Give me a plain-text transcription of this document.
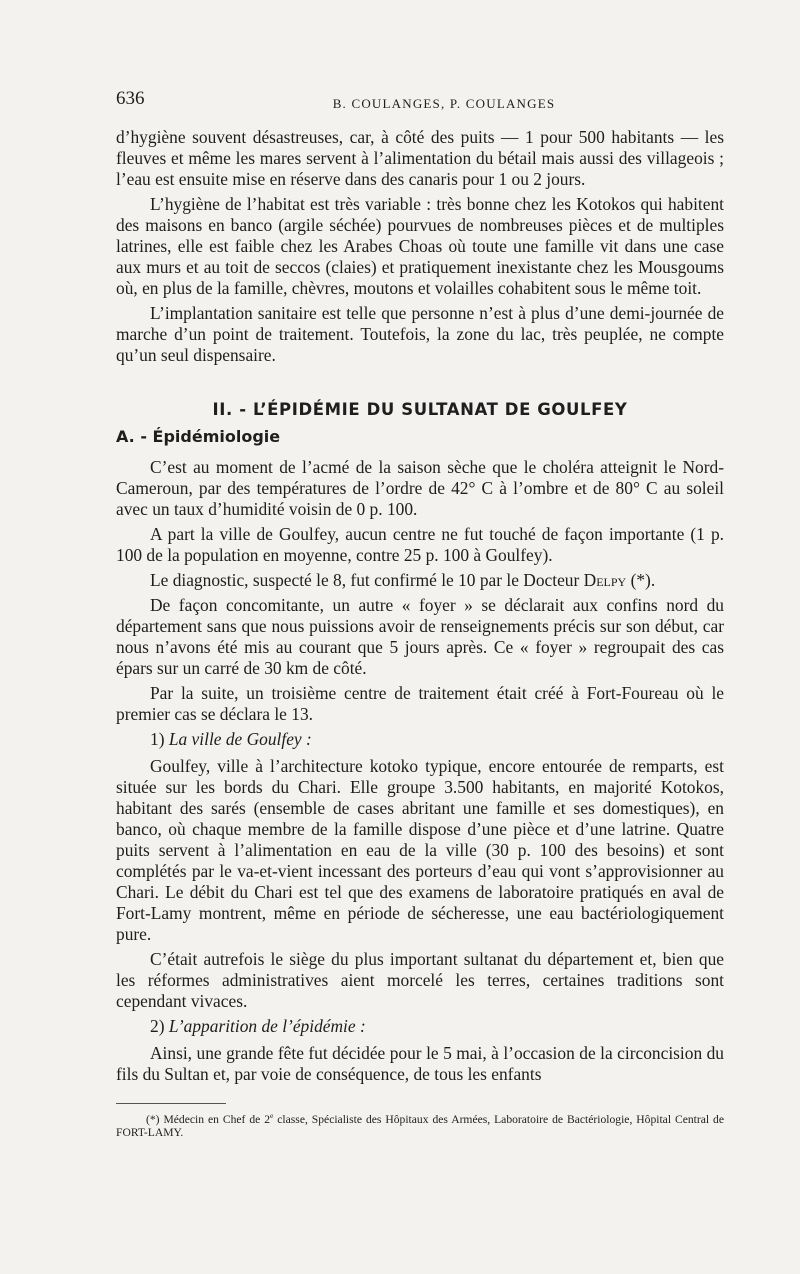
636	B. COULANGES, P. COULANGES

d’hygiène souvent désastreuses, car, à côté des puits — 1 pour 500 habitants — les fleuves et même les mares servent à l’alimentation du bétail mais aussi des villageois ; l’eau est ensuite mise en réserve dans des canaris pour 1 ou 2 jours.

L’hygiène de l’habitat est très variable : très bonne chez les Kotokos qui habitent des maisons en banco (argile séchée) pourvues de nombreuses pièces et de multiples latrines, elle est faible chez les Arabes Choas où toute une famille vit dans une case aux murs et au toit de seccos (claies) et pratiquement inexistante chez les Mousgoums où, en plus de la famille, chèvres, moutons et volailles cohabitent sous le même toit.

L’implantation sanitaire est telle que personne n’est à plus d’une demi-journée de marche d’un point de traitement. Toutefois, la zone du lac, très peuplée, ne compte qu’un seul dispensaire.

II. - L’ÉPIDÉMIE DU SULTANAT DE GOULFEY
A. - Épidémiologie

C’est au moment de l’acmé de la saison sèche que le choléra atteignit le Nord-Cameroun, par des températures de l’ordre de 42° C à l’ombre et de 80° C au soleil avec un taux d’humidité voisin de 0 p. 100.

A part la ville de Goulfey, aucun centre ne fut touché de façon importante (1 p. 100 de la population en moyenne, contre 25 p. 100 à Goulfey).

Le diagnostic, suspecté le 8, fut confirmé le 10 par le Docteur Delpy (*).

De façon concomitante, un autre « foyer » se déclarait aux confins nord du département sans que nous puissions avoir de renseignements précis sur son début, car nous n’avons été mis au courant que 5 jours après. Ce « foyer » regroupait des cas épars sur un carré de 30 km de côté.

Par la suite, un troisième centre de traitement était créé à Fort-Foureau où le premier cas se déclara le 13.

1) La ville de Goulfey :

Goulfey, ville à l’architecture kotoko typique, encore entourée de remparts, est située sur les bords du Chari. Elle groupe 3.500 habitants, en majorité Kotokos, habitant des sarés (ensemble de cases abritant une famille et ses domestiques), en banco, où chaque membre de la famille dispose d’une pièce et d’une latrine. Quatre puits servent à l’alimentation en eau de la ville (30 p. 100 des besoins) et sont complétés par le va-et-vient incessant des porteurs d’eau qui vont s’approvisionner au Chari. Le débit du Chari est tel que des examens de laboratoire pratiqués en aval de Fort-Lamy montrent, même en période de sécheresse, une eau bactériologiquement pure.

C’était autrefois le siège du plus important sultanat du département et, bien que les réformes administratives aient morcelé les terres, certaines traditions sont cependant vivaces.

2) L’apparition de l’épidémie :

Ainsi, une grande fête fut décidée pour le 5 mai, à l’occasion de la circoncision du fils du Sultan et, par voie de conséquence, de tous les enfants

(*) Médecin en Chef de 2e classe, Spécialiste des Hôpitaux des Armées, Laboratoire de Bactériologie, Hôpital Central de FORT-LAMY.
